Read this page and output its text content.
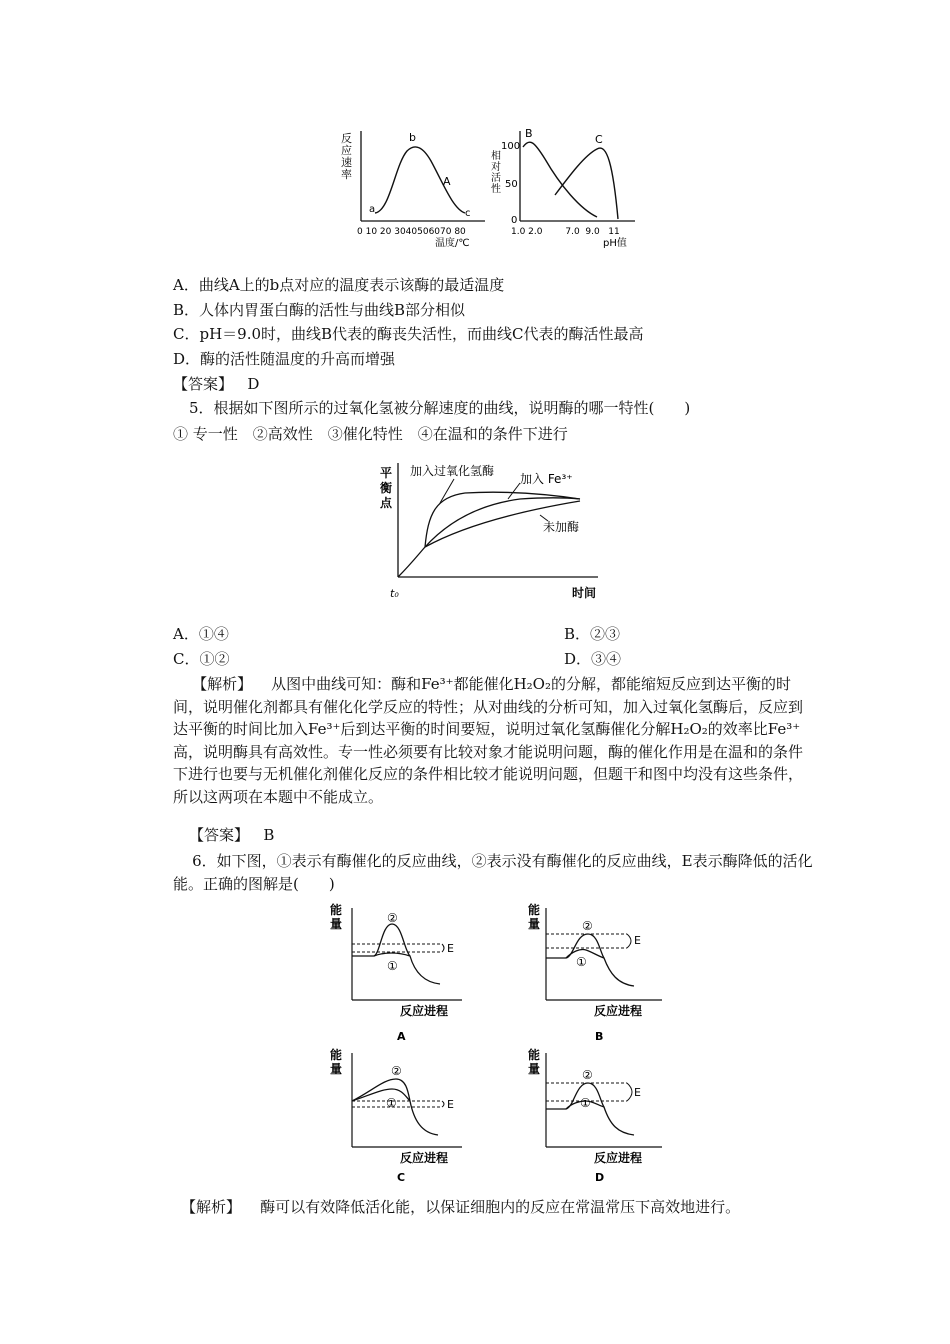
反
应
速
率
a
b
c
A
0 10 20 3040506070 80
温度/℃
B	C
100
相
对
活
性 50
0
1.0 2.0        7.0  9.0   11
pH值
A．曲线A上的b点对应的温度表示该酶的最适温度
B．人体内胃蛋白酶的活性与曲线B部分相似
C．pH＝9.0时，曲线B代表的酶丧失活性，而曲线C代表的酶活性最高
D．酶的活性随温度的升高而增强
【答案】 D
5．根据如下图所示的过氧化氢被分解速度的曲线，说明酶的哪一特性(　　)
① 专一性　②高效性　③催化特性　④在温和的条件下进行
平
衡
点
加入过氧化氢酶
加入 Fe³⁺
未加酶
t₀	时间
A．①④	B．②③
C．①②	D．③④
【解析】 从图中曲线可知：酶和Fe³⁺都能催化H₂O₂的分解，都能缩短反应到达平衡的时间，说明催化剂都具有催化化学反应的特性；从对曲线的分析可知，加入过氧化氢酶后，反应到达平衡的时间比加入Fe³⁺后到达平衡的时间要短，说明过氧化氢酶催化分解H₂O₂的效率比Fe³⁺高，说明酶具有高效性。专一性必须要有比较对象才能说明问题，酶的催化作用是在温和的条件下进行也要与无机催化剂催化反应的条件相比较才能说明问题，但题干和图中均没有这些条件，所以这两项在本题中不能成立。
【答案】 B
6．如下图，①表示有酶催化的反应曲线，②表示没有酶催化的反应曲线，E表示酶降低的活化能。正确的图解是(　　)
能
量	②
①
E
反应进程
A
能
量	②
①
E
反应进程
B
能
量	②
①	E
反应进程
C
能
量	②
①
E
反应进程
D
【解析】 酶可以有效降低活化能，以保证细胞内的反应在常温常压下高效地进行。
